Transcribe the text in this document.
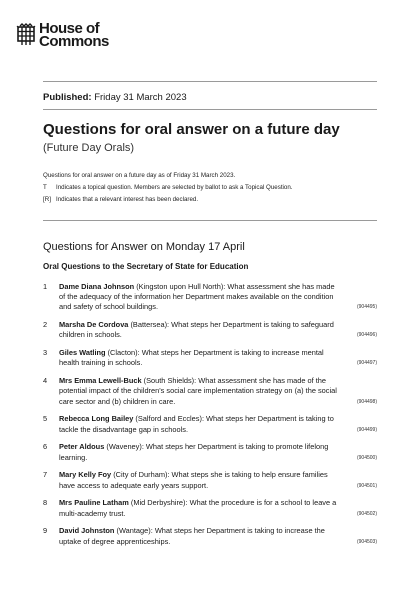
House of
Commons
Published: Friday 31 March 2023
Questions for oral answer on a future day
(Future Day Orals)
Questions for oral answer on a future day as of Friday 31 March 2023.
T	Indicates a topical question. Members are selected by ballot to ask a Topical Question.
[R] Indicates that a relevant interest has been declared.
Questions for Answer on Monday 17 April
Oral Questions to the Secretary of State for Education
1	Dame Diana Johnson (Kingston upon Hull North): What assessment she has made of the adequacy of the information her Department makes available on the condition and safety of school buildings.	(904495)
2	Marsha De Cordova (Battersea): What steps her Department is taking to safeguard children in schools.	(904496)
3	Giles Watling (Clacton): What steps her Department is taking to increase mental health training in schools.	(904497)
4	Mrs Emma Lewell-Buck (South Shields): What assessment she has made of the potential impact of the children's social care implementation strategy on (a) the social care sector and (b) children in care.	(904498)
5	Rebecca Long Bailey (Salford and Eccles): What steps her Department is taking to tackle the disadvantage gap in schools.	(904499)
6	Peter Aldous (Waveney): What steps her Department is taking to promote lifelong learning.	(904500)
7	Mary Kelly Foy (City of Durham): What steps she is taking to help ensure families have access to adequate early years support.	(904501)
8	Mrs Pauline Latham (Mid Derbyshire): What the procedure is for a school to leave a multi-academy trust.	(904502)
9	David Johnston (Wantage): What steps her Department is taking to increase the uptake of degree apprenticeships.	(904503)
